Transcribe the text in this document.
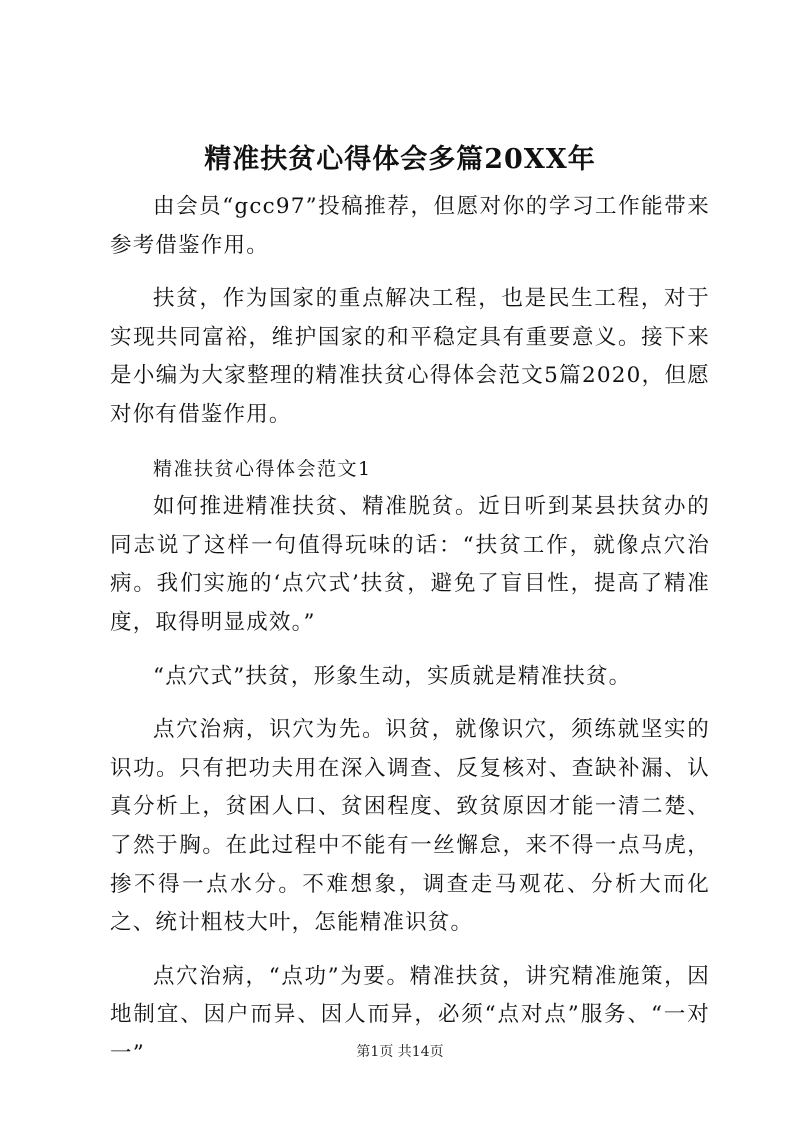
精准扶贫心得体会多篇20XX年

由会员“gcc97”投稿推荐，但愿对你的学习工作能带来参考借鉴作用。

扶贫，作为国家的重点解决工程，也是民生工程，对于实现共同富裕，维护国家的和平稳定具有重要意义。接下来是小编为大家整理的精准扶贫心得体会范文5篇2020，但愿对你有借鉴作用。

精准扶贫心得体会范文1

如何推进精准扶贫、精准脱贫。近日听到某县扶贫办的同志说了这样一句值得玩味的话：“扶贫工作，就像点穴治病。我们实施的‘点穴式’扶贫，避免了盲目性，提高了精准度，取得明显成效。”

“点穴式”扶贫，形象生动，实质就是精准扶贫。

点穴治病，识穴为先。识贫，就像识穴，须练就坚实的识功。只有把功夫用在深入调查、反复核对、查缺补漏、认真分析上，贫困人口、贫困程度、致贫原因才能一清二楚、了然于胸。在此过程中不能有一丝懈怠，来不得一点马虎，掺不得一点水分。不难想象，调查走马观花、分析大而化之、统计粗枝大叶，怎能精准识贫。

点穴治病，“点功”为要。精准扶贫，讲究精准施策，因地制宜、因户而异、因人而异，必须“点对点”服务、“一对一”	第1页 共14页
